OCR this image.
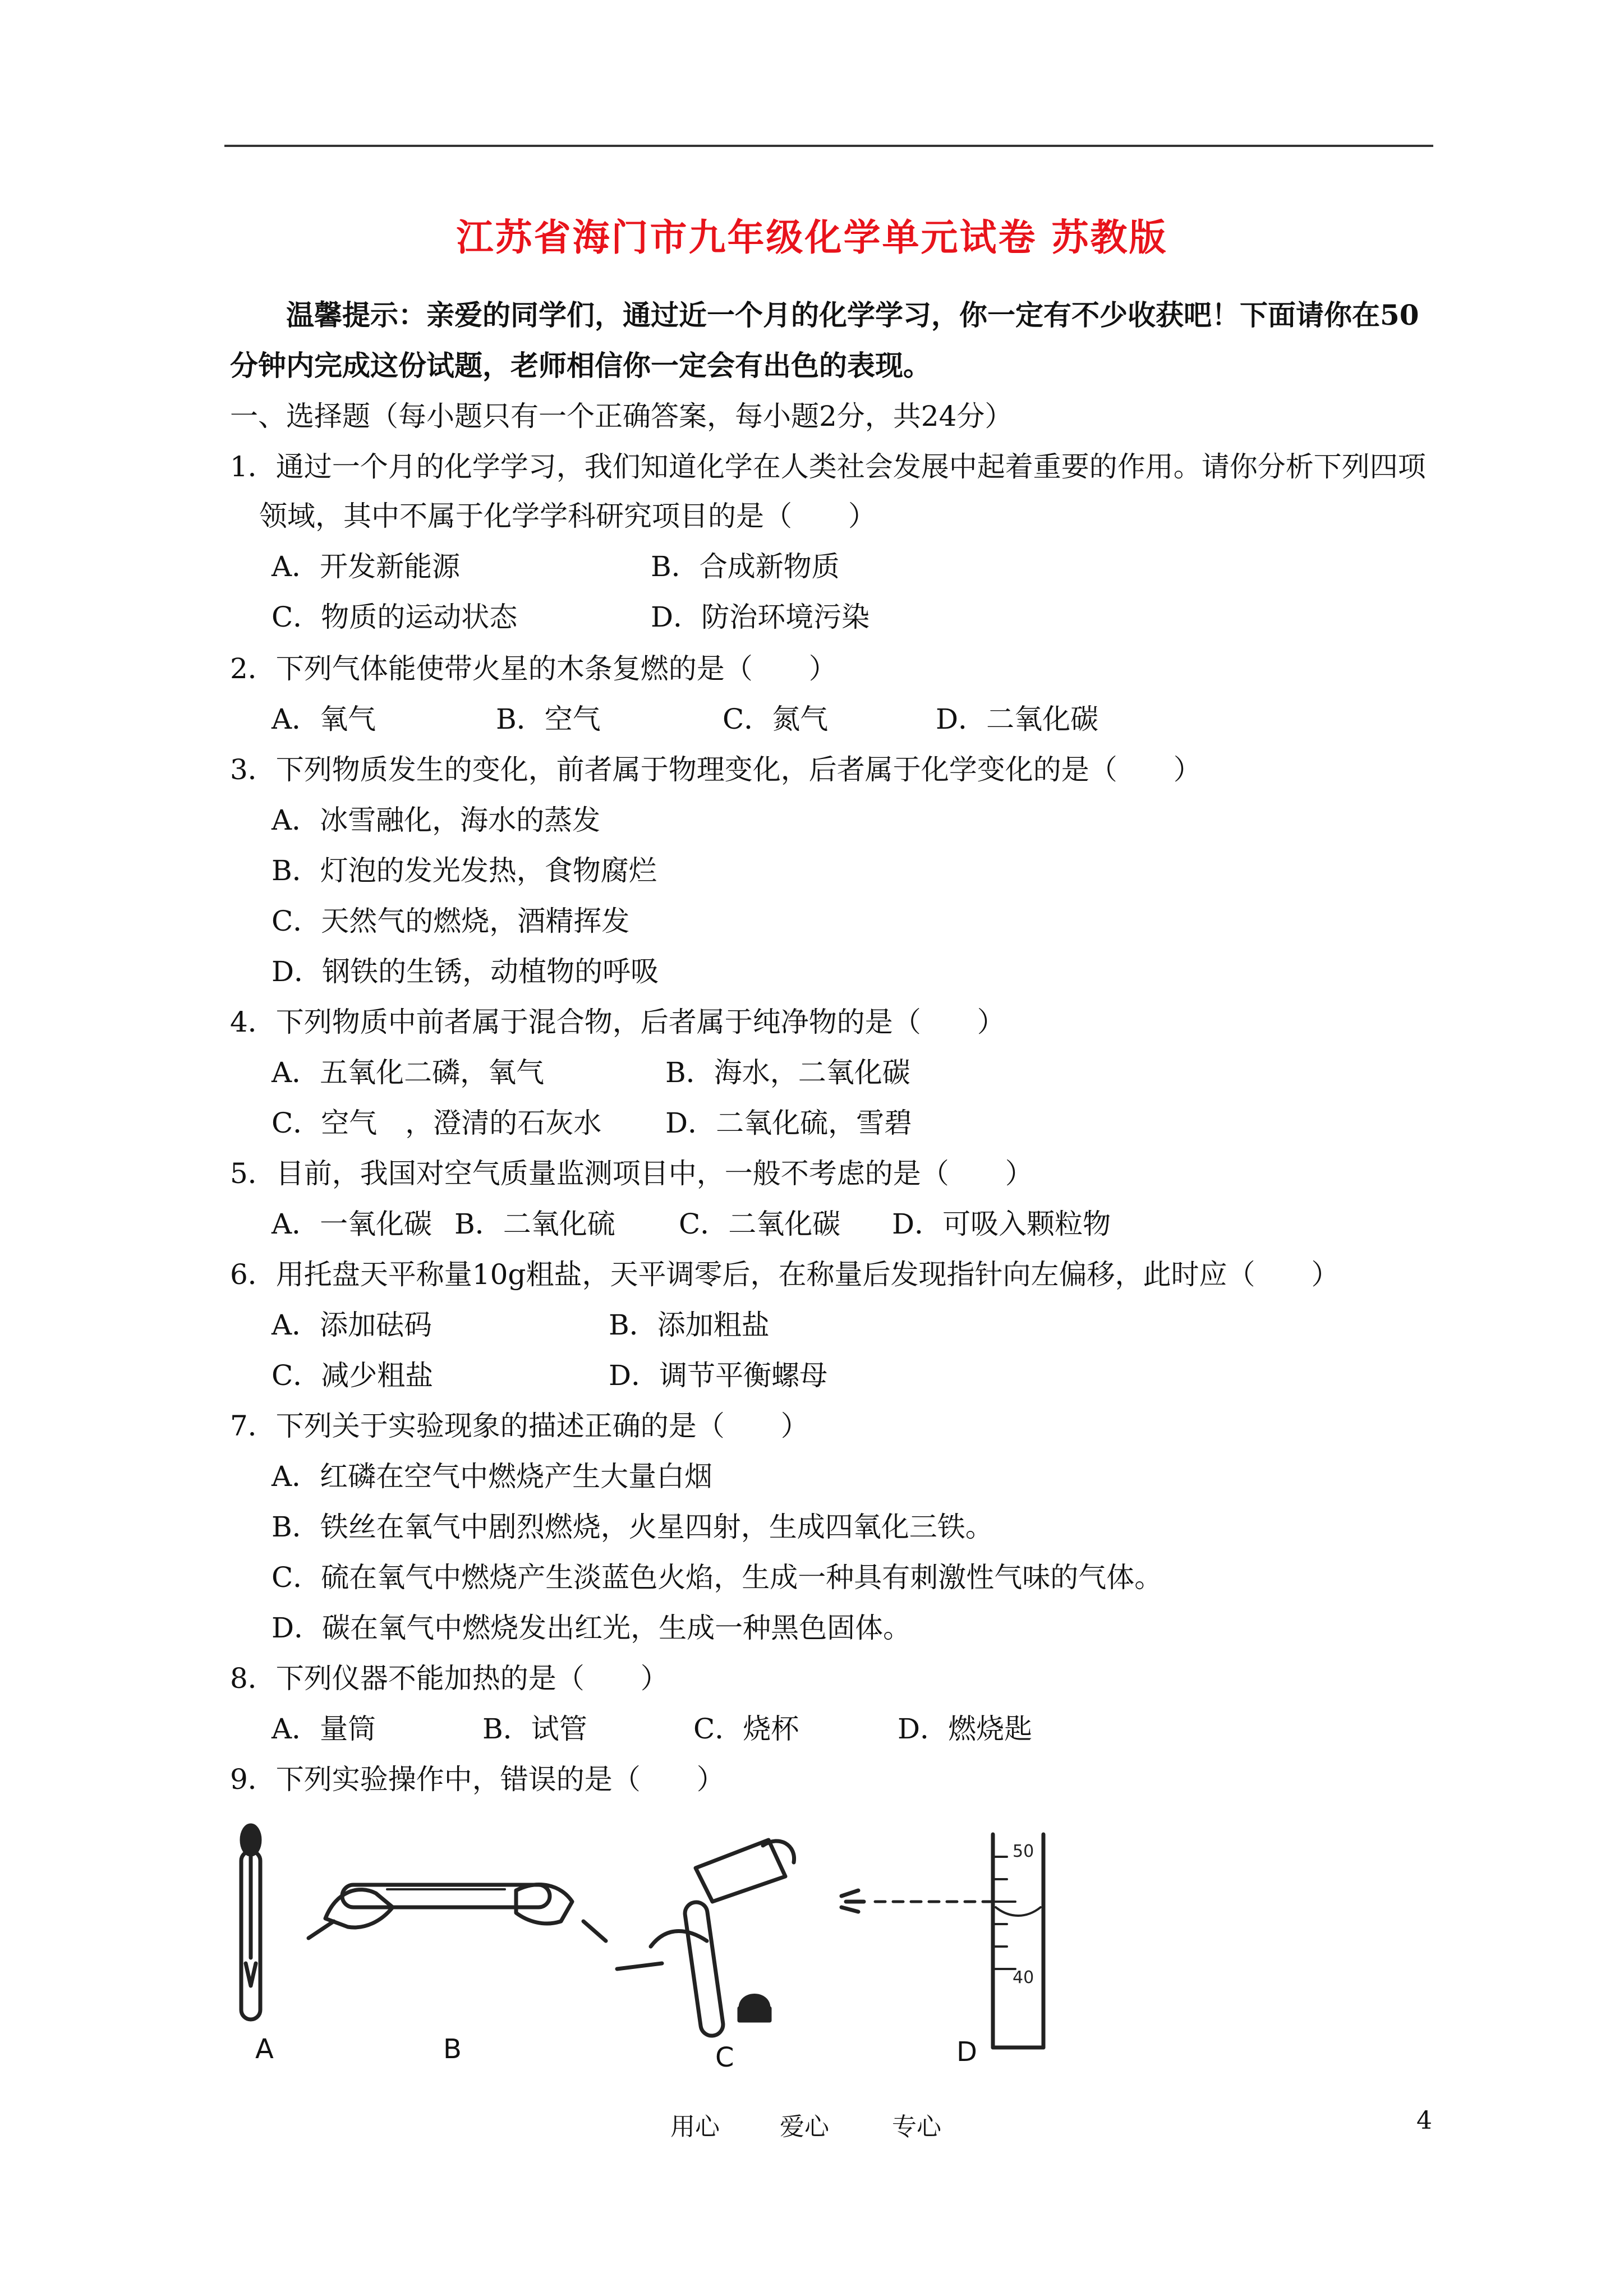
江苏省海门市九年级化学单元试卷 苏教版
温馨提示：亲爱的同学们，通过近一个月的化学学习，你一定有不少收获吧！下面请你在50
分钟内完成这份试题，老师相信你一定会有出色的表现。
一、选择题（每小题只有一个正确答案，每小题2分，共24分）
1．通过一个月的化学学习，我们知道化学在人类社会发展中起着重要的作用。请你分析下列四项
领域，其中不属于化学学科研究项目的是（　　）
A．开发新能源	B．合成新物质
C．物质的运动状态	D．防治环境污染
2．下列气体能使带火星的木条复燃的是（　　）
A．氧气	B．空气	C．氮气	D．二氧化碳
3．下列物质发生的变化，前者属于物理变化，后者属于化学变化的是（　　）
A．冰雪融化，海水的蒸发
B．灯泡的发光发热，食物腐烂
C．天然气的燃烧，酒精挥发
D．钢铁的生锈，动植物的呼吸
4．下列物质中前者属于混合物，后者属于纯净物的是（　　）
A．五氧化二磷，氧气	B．海水，二氧化碳
C．空气　，澄清的石灰水 D．二氧化硫，雪碧
5．目前，我国对空气质量监测项目中，一般不考虑的是（　　）
A．一氧化碳 B．二氧化硫 C．二氧化碳 D．可吸入颗粒物
6．用托盘天平称量10g粗盐，天平调零后，在称量后发现指针向左偏移，此时应（　　）
A．添加砝码	B．添加粗盐
C．减少粗盐	D．调节平衡螺母
7．下列关于实验现象的描述正确的是（　　）
A．红磷在空气中燃烧产生大量白烟
B．铁丝在氧气中剧烈燃烧，火星四射，生成四氧化三铁。
C．硫在氧气中燃烧产生淡蓝色火焰，生成一种具有刺激性气味的气体。
D．碳在氧气中燃烧发出红光，生成一种黑色固体。
8．下列仪器不能加热的是（　　）
A．量筒	B．试管	C．烧杯	D．燃烧匙
9．下列实验操作中，错误的是（　　）
50
40
A	B	C	D
用心 爱心	专心	4
